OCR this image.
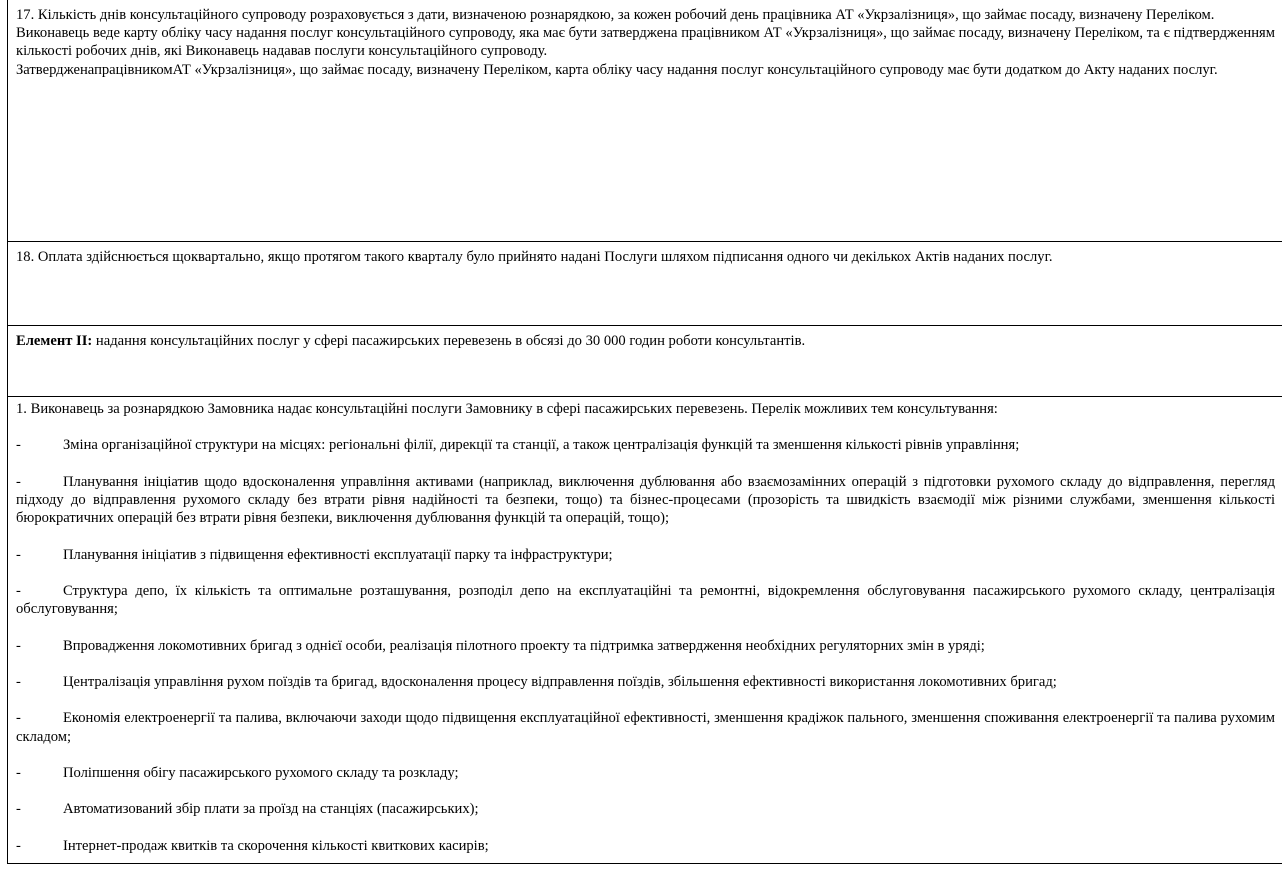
17. Кількість днів консультаційного супроводу розраховується з дати, визначеною рознарядкою, за кожен робочий день працівника АТ «Укрзалізниця», що займає посаду, визначену Переліком.

Виконавець веде карту обліку часу надання послуг консультаційного супроводу, яка має бути затверджена працівником АТ «Укрзалізниця», що займає посаду, визначену Переліком, та є підтвердженням кількості робочих днів, які Виконавець надавав послуги консультаційного супроводу.

ЗатвердженапрацівникомАТ «Укрзалізниця», що займає посаду, визначену Переліком, карта обліку часу надання послуг консультаційного супроводу має бути додатком до Акту наданих послуг.

18. Оплата здійснюється щоквартально, якщо протягом такого кварталу було прийнято надані Послуги шляхом підписання одного чи декількох Актів наданих послуг.

Елемент ІІ: надання консультаційних послуг у сфері пасажирських перевезень в обсязі до 30 000 годин роботи консультантів.

1. Виконавець за рознарядкою Замовника надає консультаційні послуги Замовнику в сфері пасажирських перевезень. Перелік можливих тем консультування:

-	Зміна організаційної структури на місцях: регіональні філії, дирекції та станції, а також централізація функцій та зменшення кількості рівнів управління;

-	Планування ініціатив щодо вдосконалення управління активами (наприклад, виключення дублювання або взаємозамінних операцій з підготовки рухомого складу до відправлення, перегляд підходу до відправлення рухомого складу без втрати рівня надійності та безпеки, тощо) та бізнес-процесами (прозорість та швидкість взаємодії між різними службами, зменшення кількості бюрократичних операцій без втрати рівня безпеки, виключення дублювання функцій та операцій, тощо);

-	Планування ініціатив з підвищення ефективності експлуатації парку та інфраструктури;

-	Структура депо, їх кількість та оптимальне розташування, розподіл депо на експлуатаційні та ремонтні, відокремлення обслуговування пасажирського рухомого складу, централізація обслуговування;

-	Впровадження локомотивних бригад з однієї особи, реалізація пілотного проекту та підтримка затвердження необхідних регуляторних змін в уряді;

-	Централізація управління рухом поїздів та бригад, вдосконалення процесу відправлення поїздів, збільшення ефективності використання локомотивних бригад;

-	Економія електроенергії та палива, включаючи заходи щодо підвищення експлуатаційної ефективності, зменшення крадіжок пального, зменшення споживання електроенергії та палива рухомим складом;

-	Поліпшення обігу пасажирського рухомого складу та розкладу;

-	Автоматизований збір плати за проїзд на станціях (пасажирських);

-	Інтернет-продаж квитків та скорочення кількості квиткових касирів;
